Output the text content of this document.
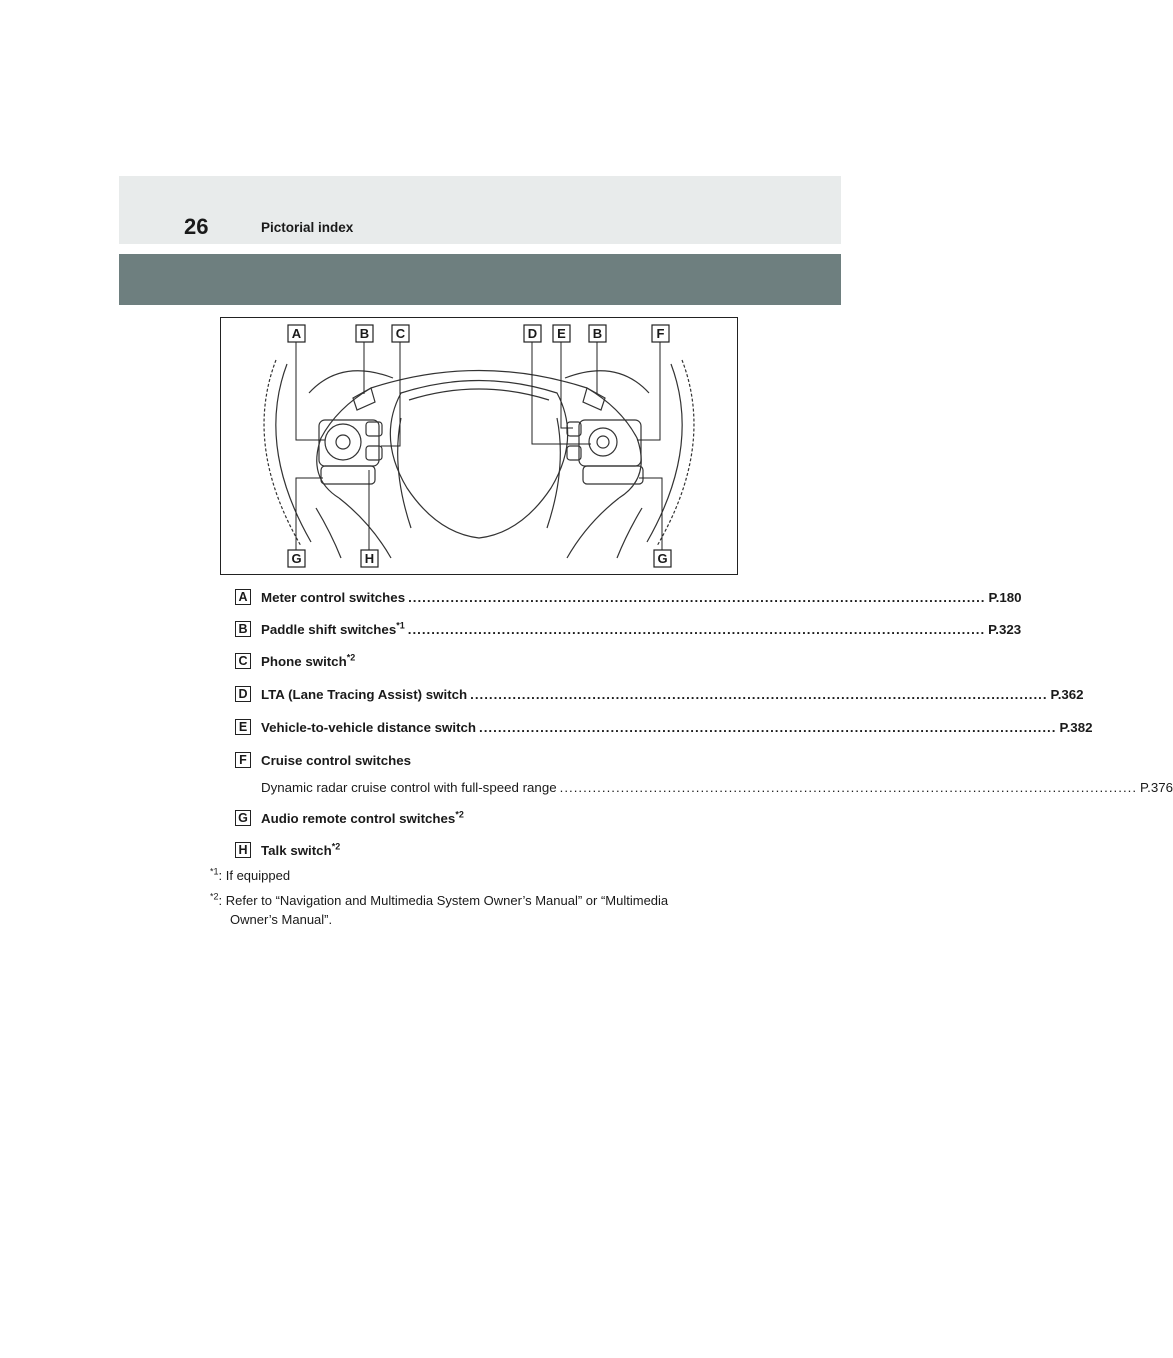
26	Pictorial index
A	B C	D E B	F
G	H	G
A Meter control switches ........................................................................................................................... P.180
B Paddle shift switches$^{*1}$ ........................................................................................................................... P.323
C Phone switch$^{*2}$
D LTA (Lane Tracing Assist) switch ........................................................................................................................... P.362
E Vehicle-to-vehicle distance switch ........................................................................................................................... P.382
F	Cruise control switches
Dynamic radar cruise control with full-speed range ........................................................................................................................... P.376
G Audio remote control switches$^{*2}$
H Talk switch$^{*2}$
$^{*1}$: If equipped
$^{*2}$: Refer to “Navigation and Multimedia System Owner’s Manual” or “Multimedia
Owner’s Manual”.
